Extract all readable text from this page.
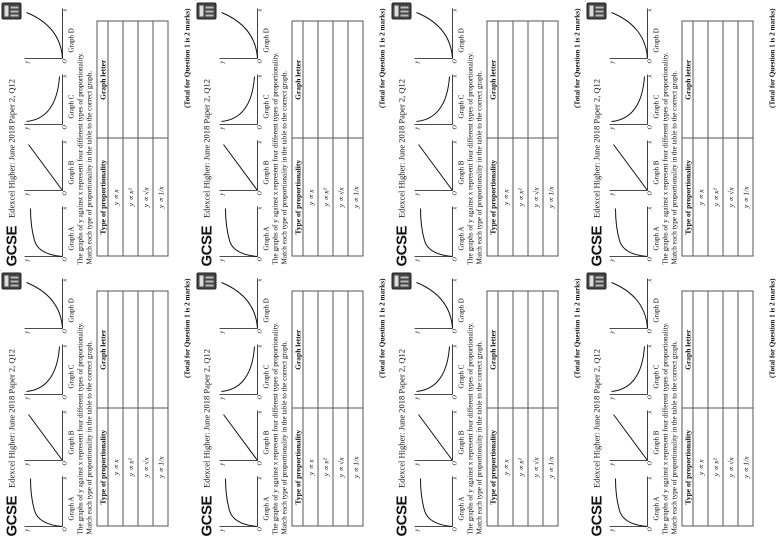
GCSE
Edexcel Higher: June 2018 Paper 2, Q12
y
x
O
Graph A
y
x
O
Graph B
y
x
O
Graph C
y
x
O
Graph D
The graphs of y against x represent four different types of proportionality. Match each type of proportionality in the table to the correct graph. Type of proportionality	Graph letter
y ∝ x	
y ∝ x²	
y ∝ √x	
y ∝ 1/x	
(Total for Question 1 is 2 marks)
GCSE
Edexcel Higher: June 2018 Paper 2, Q12
y
x
O
Graph A
y
x
O
Graph B
y
x
O
Graph C
y
x
O
Graph D
The graphs of y against x represent four different types of proportionality. Match each type of proportionality in the table to the correct graph. Type of proportionality	Graph letter
y ∝ x	
y ∝ x²	
y ∝ √x	
y ∝ 1/x	
(Total for Question 1 is 2 marks)
GCSE
Edexcel Higher: June 2018 Paper 2, Q12
y
x
O
Graph A
y
x
O
Graph B
y
x
O
Graph C
y
x
O
Graph D
The graphs of y against x represent four different types of proportionality. Match each type of proportionality in the table to the correct graph. Type of proportionality	Graph letter
y ∝ x	
y ∝ x²	
y ∝ √x	
y ∝ 1/x	
(Total for Question 1 is 2 marks)
GCSE
Edexcel Higher: June 2018 Paper 2, Q12
y
x
O
Graph A
y
x
O
Graph B
y
x
O
Graph C
y
x
O
Graph D
The graphs of y against x represent four different types of proportionality. Match each type of proportionality in the table to the correct graph. Type of proportionality	Graph letter
y ∝ x	
y ∝ x²	
y ∝ √x	
y ∝ 1/x	
(Total for Question 1 is 2 marks)
GCSE
Edexcel Higher: June 2018 Paper 2, Q12
y
x
O
Graph A
y
x
O
Graph B
y
x
O
Graph C
y
x
O
Graph D
The graphs of y against x represent four different types of proportionality. Match each type of proportionality in the table to the correct graph. Type of proportionality	Graph letter
y ∝ x	
y ∝ x²	
y ∝ √x	
y ∝ 1/x	
(Total for Question 1 is 2 marks)
GCSE
Edexcel Higher: June 2018 Paper 2, Q12
y
x
O
Graph A
y
x
O
Graph B
y
x
O
Graph C
y
x
O
Graph D
The graphs of y against x represent four different types of proportionality. Match each type of proportionality in the table to the correct graph. Type of proportionality	Graph letter
y ∝ x	
y ∝ x²	
y ∝ √x	
y ∝ 1/x	
(Total for Question 1 is 2 marks)
GCSE
Edexcel Higher: June 2018 Paper 2, Q12
y
x
O
Graph A
y
x
O
Graph B
y
x
O
Graph C
y
x
O
Graph D
The graphs of y against x represent four different types of proportionality. Match each type of proportionality in the table to the correct graph. Type of proportionality	Graph letter
y ∝ x	
y ∝ x²	
y ∝ √x	
y ∝ 1/x	
(Total for Question 1 is 2 marks)
GCSE
Edexcel Higher: June 2018 Paper 2, Q12
y
x
O
Graph A
y
x
O
Graph B
y
x
O
Graph C
y
x
O
Graph D
The graphs of y against x represent four different types of proportionality. Match each type of proportionality in the table to the correct graph. Type of proportionality	Graph letter
y ∝ x	
y ∝ x²	
y ∝ √x	
y ∝ 1/x	
(Total for Question 1 is 2 marks)
